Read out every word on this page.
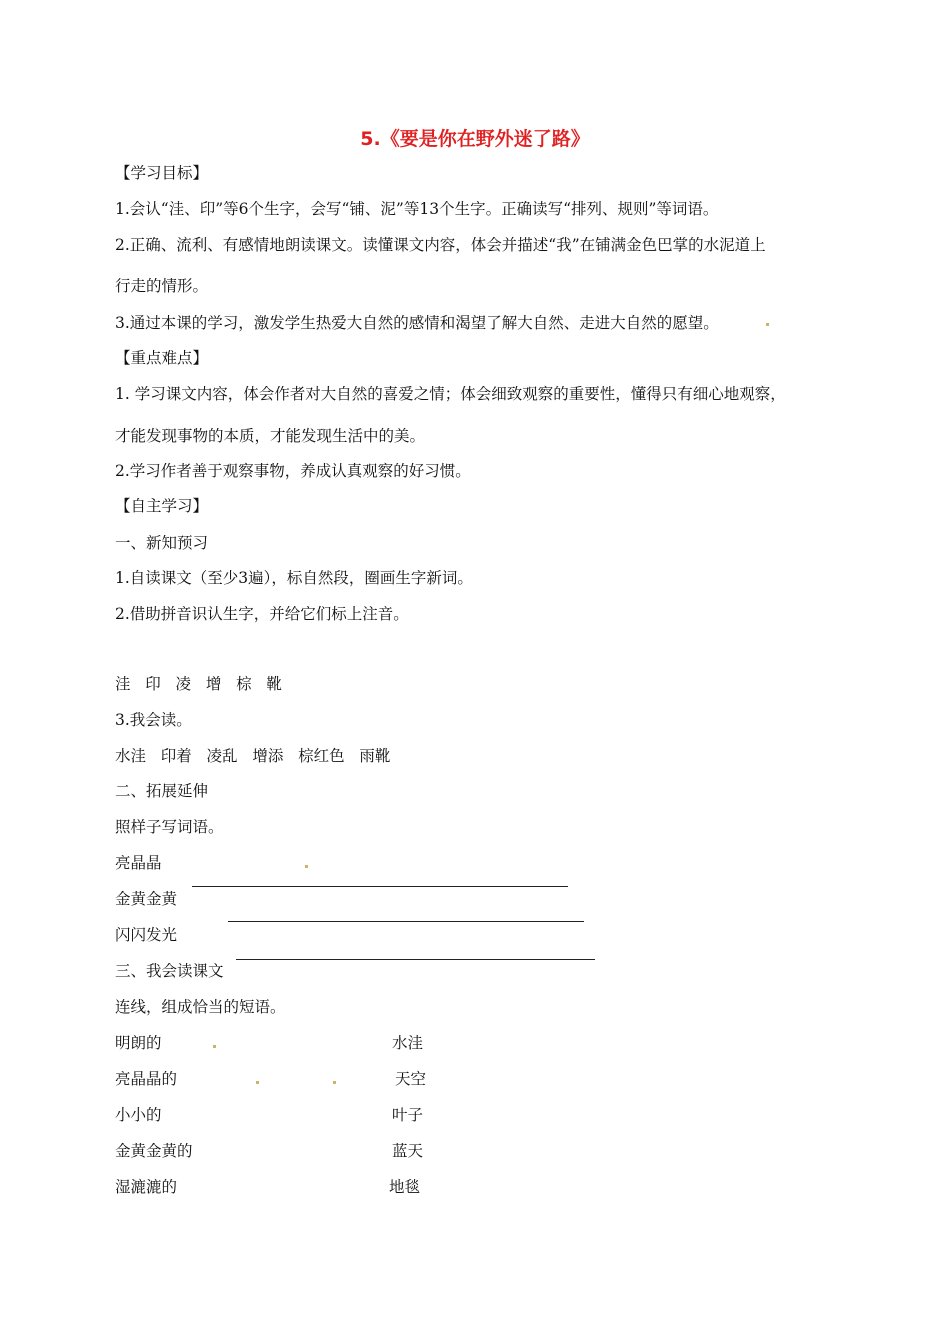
5.《要是你在野外迷了路》
【学习目标】
1.会认“洼、印”等6个生字，会写“铺、泥”等13个生字。正确读写“排列、规则”等词语。
2.正确、流利、有感情地朗读课文。读懂课文内容，体会并描述“我”在铺满金色巴掌的水泥道上
行走的情形。
3.通过本课的学习，激发学生热爱大自然的感情和渴望了解大自然、走进大自然的愿望。
【重点难点】
1. 学习课文内容，体会作者对大自然的喜爱之情；体会细致观察的重要性，懂得只有细心地观察，
才能发现事物的本质，才能发现生活中的美。
2.学习作者善于观察事物，养成认真观察的好习惯。
【自主学习】
一、新知预习
1.自读课文（至少3遍），标自然段，圈画生字新词。
2.借助拼音识认生字，并给它们标上注音。
洼   印   凌   增   棕   靴
3.我会读。
水洼   印着   凌乱   增添   棕红色   雨靴
二、拓展延伸
照样子写词语。
亮晶晶
金黄金黄
闪闪发光
三、我会读课文
连线，组成恰当的短语。
明朗的	水洼
亮晶晶的	天空
小小的	叶子
金黄金黄的	蓝天
湿漉漉的	地毯
